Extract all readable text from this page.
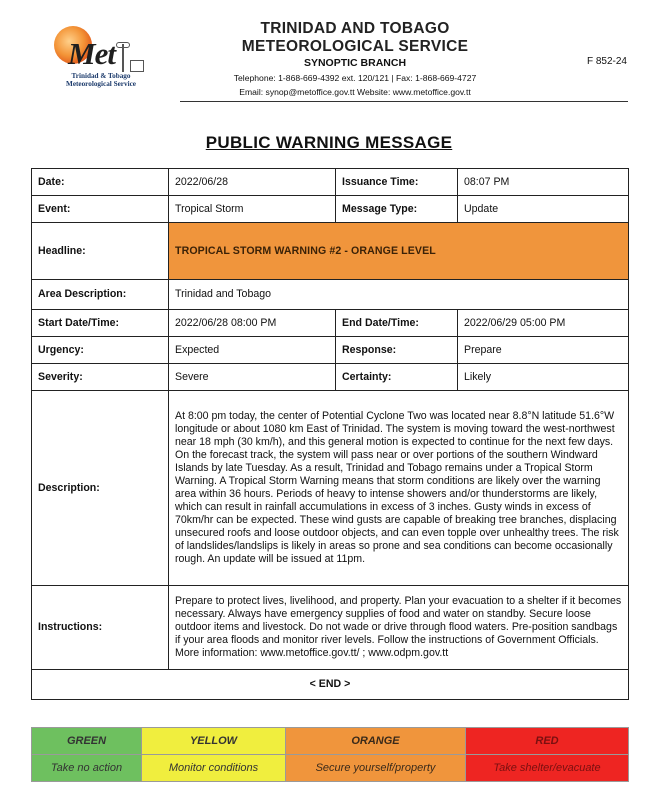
Met
Trinidad & Tobago
Meteorological Service
TRINIDAD AND TOBAGO
METEOROLOGICAL SERVICE
SYNOPTIC BRANCH
Telephone: 1-868-669-4392 ext. 120/121 | Fax: 1-868-669-4727
Email: synop@metoffice.gov.tt Website: www.metoffice.gov.tt
F 852-24
PUBLIC WARNING MESSAGE
Date:	2022/06/28	Issuance Time:	08:07 PM
Event:	Tropical Storm	Message Type:	Update
Headline:	TROPICAL STORM WARNING #2 - ORANGE LEVEL		
Area Description:	Trinidad and Tobago		
Start Date/Time:	2022/06/28 08:00 PM	End Date/Time:	2022/06/29 05:00 PM
Urgency:	Expected	Response:	Prepare
Severity:	Severe	Certainty:	Likely
Description:	At 8:00 pm today, the center of Potential Cyclone Two was located near 8.8°N latitude 51.6°W longitude or about 1080 km East of Trinidad. The system is moving toward the west-northwest near 18 mph (30 km/h), and this general motion is expected to continue for the next few days. On the forecast track, the system will pass near or over portions of the southern Windward Islands by late Tuesday. As a result, Trinidad and Tobago remains under a Tropical Storm Warning. A Tropical Storm Warning means that storm conditions are likely over the warning area within 36 hours. Periods of heavy to intense showers and/or thunderstorms are likely, which can result in rainfall accumulations in excess of 3 inches. Gusty winds in excess of 70km/hr can be expected. These wind gusts are capable of breaking tree branches, displacing unsecured roofs and loose outdoor objects, and can even topple over unhealthy trees. The risk of landslides/landslips is likely in areas so prone and sea conditions can become occasionally rough. An update will be issued at 11pm.		
Instructions:	Prepare to protect lives, livelihood, and property. Plan your evacuation to a shelter if it becomes necessary. Always have emergency supplies of food and water on standby. Secure loose outdoor items and livestock. Do not wade or drive through flood waters. Pre-position sandbags if your area floods and monitor river levels. Follow the instructions of Government Officials. More information: www.metoffice.gov.tt/ ; www.odpm.gov.tt		
< END >			
GREEN	YELLOW	ORANGE	RED
Take no action	Monitor conditions	Secure yourself/property	Take shelter/evacuate
